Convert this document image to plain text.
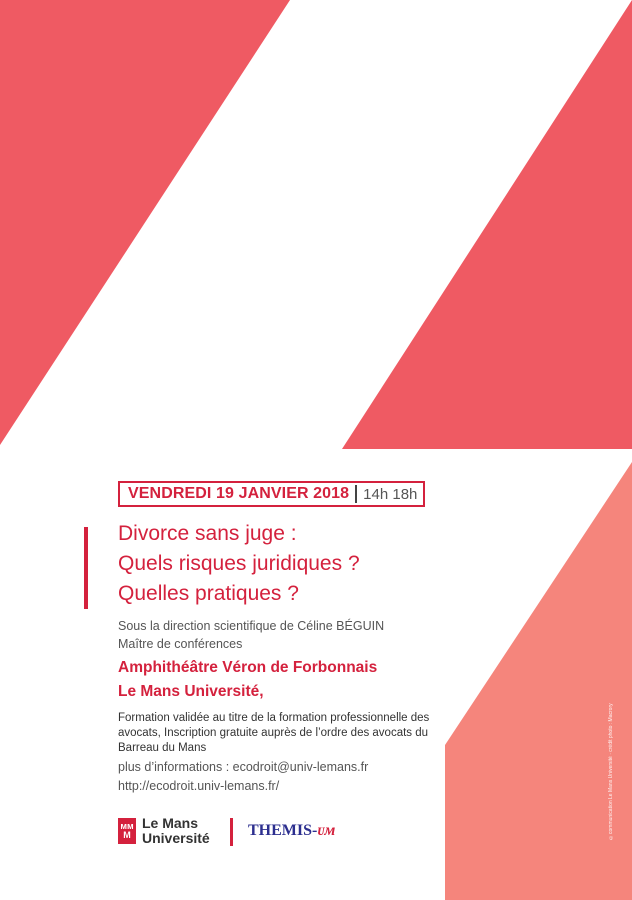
VENDREDI 19 JANVIER 2018 14h 18h
Divorce sans juge :
Quels risques juridiques ?
Quelles pratiques ?
Sous la direction scientifique de Céline BÉGUIN
Maître de conférences
Amphithéâtre Véron de Forbonnais
Le Mans Université,
Formation validée au titre de la formation professionnelle des avocats, Inscription gratuite auprès de l’ordre des avocats du Barreau du Mans
plus d’informations : ecodroit@univ-lemans.fr
http://ecodroit.univ-lemans.fr/
ᴍᴍ
M
Le Mans
Université THEMIS-ᴜм	©communication Le Mans Université · crédit photo : Macrory
